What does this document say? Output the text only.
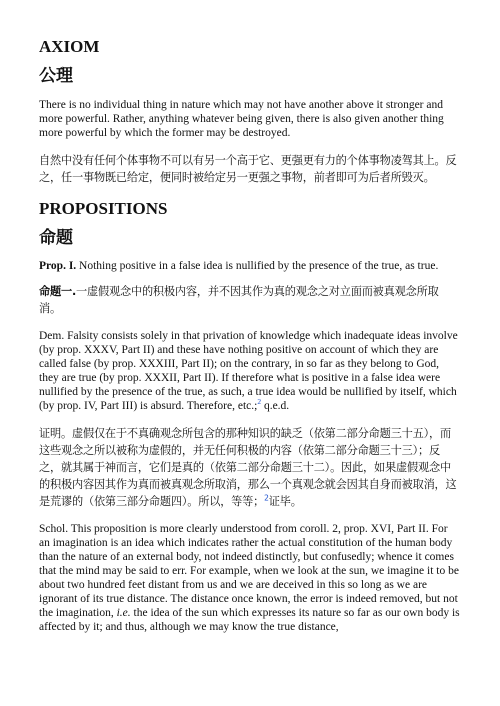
AXIOM
公理

There is no individual thing in nature which may not have another above it stronger and more powerful. Rather, anything whatever being given, there is also given another thing more powerful by which the former may be destroyed.

自然中没有任何个体事物不可以有另一个高于它、更强更有力的个体事物凌驾其上。反之，任一事物既已给定，便同时被给定另一更强之事物，前者即可为后者所毁灭。

PROPOSITIONS
命题

Prop. I. Nothing positive in a false idea is nullified by the presence of the true, as true.

命题一.一虚假观念中的积极内容，并不因其作为真的观念之对立面而被真观念所取消。

Dem. Falsity consists solely in that privation of knowledge which inadequate ideas involve (by prop. XXXV, Part II) and these have nothing positive on account of which they are called false (by prop. XXXIII, Part II); on the contrary, in so far as they belong to God, they are true (by prop. XXXII, Part II). If therefore what is positive in a false idea were nullified by the presence of the true, as such, a true idea would be nullified by itself, which (by prop. IV, Part III) is absurd. Therefore, etc.;$^2$ q.e.d.

证明。虚假仅在于不真确观念所包含的那种知识的缺乏（依第二部分命题三十五），而这些观念之所以被称为虚假的，并无任何积极的内容（依第二部分命题三十三）；反之，就其属于神而言，它们是真的（依第二部分命题三十二）。因此，如果虚假观念中的积极内容因其作为真而被真观念所取消，那么一个真观念就会因其自身而被取消，这是荒谬的（依第三部分命题四）。所以，等等；$^2$证毕。

Schol. This proposition is more clearly understood from coroll. 2, prop. XVI, Part II. For an imagination is an idea which indicates rather the actual constitution of the human body than the nature of an external body, not indeed distinctly, but confusedly; whence it comes that the mind may be said to err. For example, when we look at the sun, we imagine it to be about two hundred feet distant from us and we are deceived in this so long as we are ignorant of its true distance. The distance once known, the error is indeed removed, but not the imagination, i.e. the idea of the sun which expresses its nature so far as our own body is affected by it; and thus, although we may know the true distance,
